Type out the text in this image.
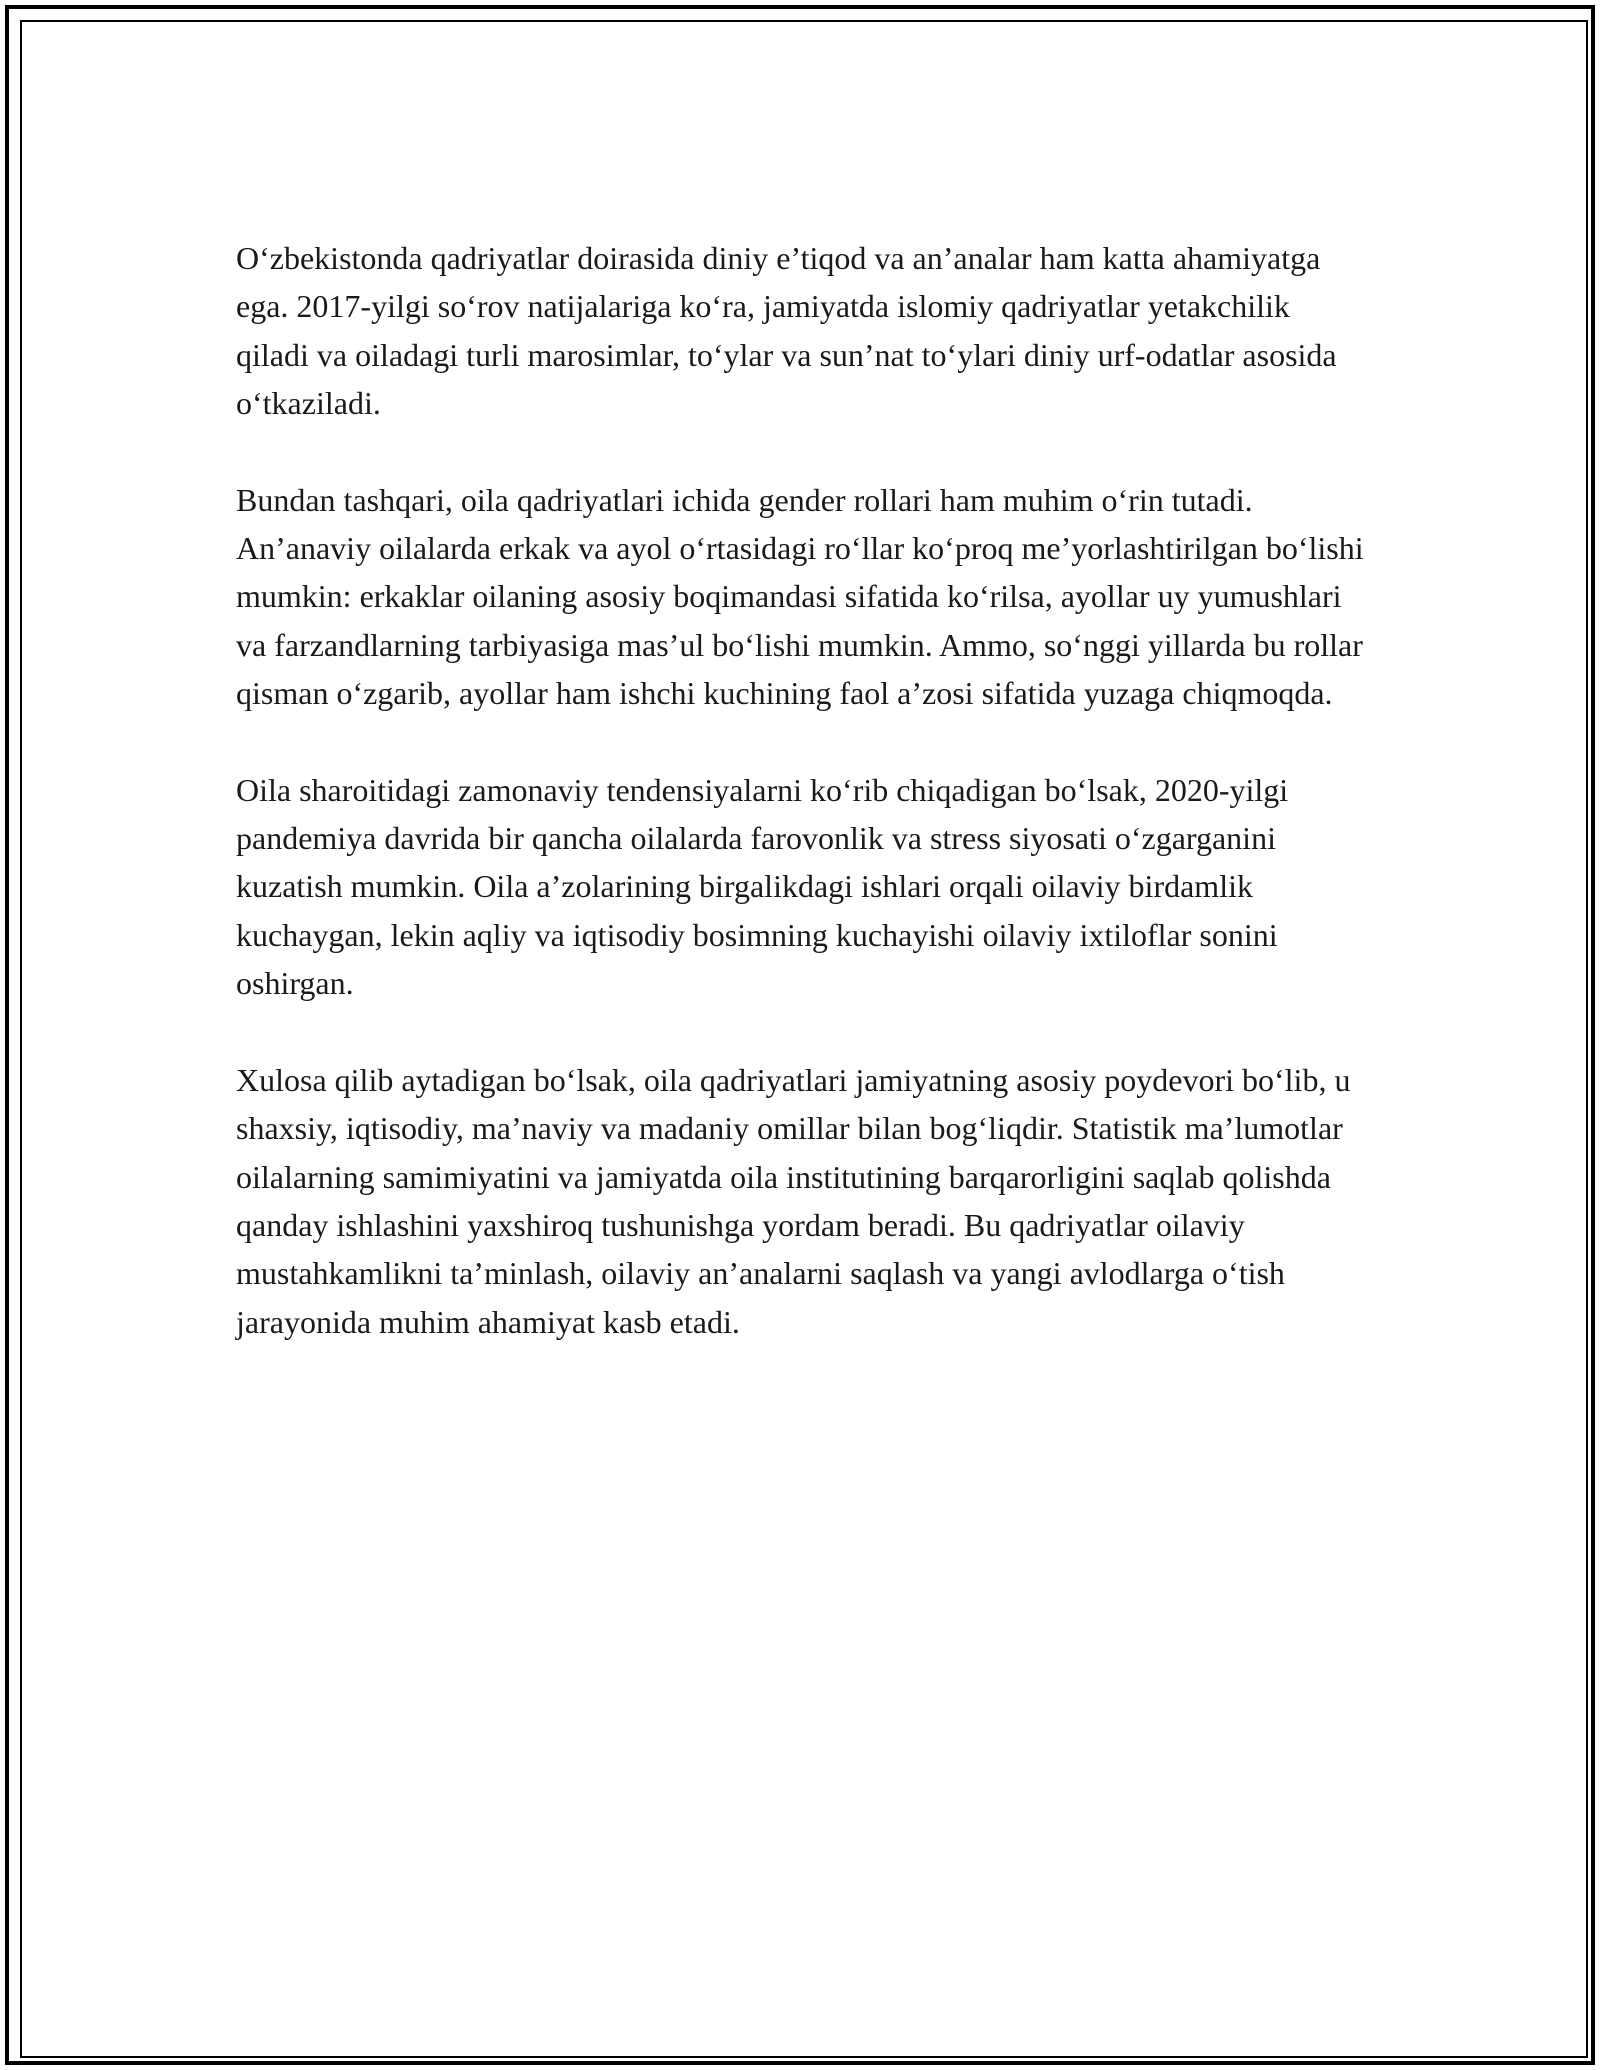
O‘zbekistonda qadriyatlar doirasida diniy e’tiqod va an’analar ham katta ahamiyatga ega. 2017-yilgi so‘rov natijalariga ko‘ra, jamiyatda islomiy qadriyatlar yetakchilik qiladi va oiladagi turli marosimlar, to‘ylar va sun’nat to‘ylari diniy urf-odatlar asosida o‘tkaziladi.

Bundan tashqari, oila qadriyatlari ichida gender rollari ham muhim o‘rin tutadi. An’anaviy oilalarda erkak va ayol o‘rtasidagi ro‘llar ko‘proq me’yorlashtirilgan bo‘lishi mumkin: erkaklar oilaning asosiy boqimandasi sifatida ko‘rilsa, ayollar uy yumushlari va farzandlarning tarbiyasiga mas’ul bo‘lishi mumkin. Ammo, so‘nggi yillarda bu rollar qisman o‘zgarib, ayollar ham ishchi kuchining faol a’zosi sifatida yuzaga chiqmoqda.

Oila sharoitidagi zamonaviy tendensiyalarni ko‘rib chiqadigan bo‘lsak, 2020-yilgi pandemiya davrida bir qancha oilalarda farovonlik va stress siyosati o‘zgarganini kuzatish mumkin. Oila a’zolarining birgalikdagi ishlari orqali oilaviy birdamlik kuchaygan, lekin aqliy va iqtisodiy bosimning kuchayishi oilaviy ixtiloflar sonini oshirgan.

Xulosa qilib aytadigan bo‘lsak, oila qadriyatlari jamiyatning asosiy poydevori bo‘lib, u shaxsiy, iqtisodiy, ma’naviy va madaniy omillar bilan bog‘liqdir. Statistik ma’lumotlar oilalarning samimiyatini va jamiyatda oila institutining barqarorligini saqlab qolishda qanday ishlashini yaxshiroq tushunishga yordam beradi. Bu qadriyatlar oilaviy mustahkamlikni ta’minlash, oilaviy an’analarni saqlash va yangi avlodlarga o‘tish jarayonida muhim ahamiyat kasb etadi.
